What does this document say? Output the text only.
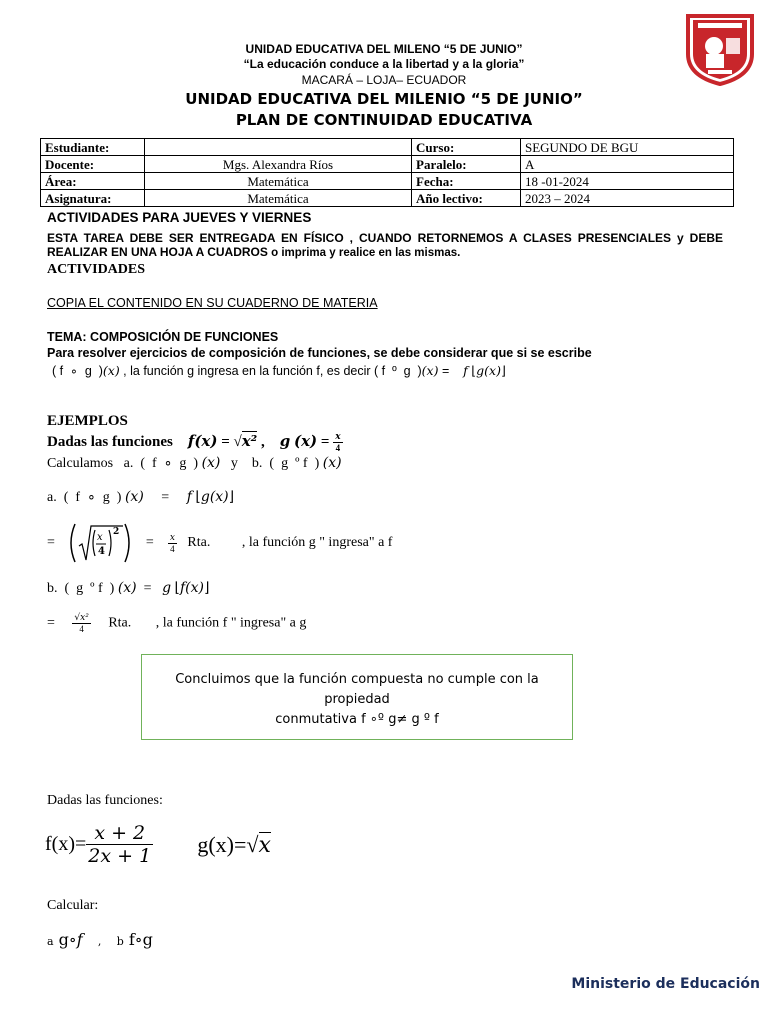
UNIDAD EDUCATIVA DEL MILENO “5 DE JUNIO”
“La educación conduce a la libertad y a la gloria”
MACARÁ – LOJA– ECUADOR
UNIDAD EDUCATIVA DEL MILENIO “5 DE JUNIO”
PLAN DE CONTINUIDAD EDUCATIVA
Estudiante:		Curso:	SEGUNDO DE BGU
Docente:	Mgs. Alexandra Ríos	Paralelo:	A
Área:	Matemática	Fecha:	18 -01-2024
Asignatura:	Matemática	Año lectivo:	2023 – 2024
ACTIVIDADES PARA JUEVES Y VIERNES
ESTA TAREA DEBE SER ENTREGADA EN FÍSICO , CUANDO RETORNEMOS A CLASES PRESENCIALES y DEBE REALIZAR EN UNA HOJA A CUADROS o imprima y realice en las mismas.
ACTIVIDADES
COPIA EL CONTENIDO EN SU CUADERNO DE MATERIA
TEMA: COMPOSICIÓN DE FUNCIONES
Para resolver ejercicios de composición de funciones, se debe considerar que si se escribe
( f  ∘  g  )(x) , la función g ingresa en la función f, es decir ( f  º  g  )(x) =    f ⌊g(x)⌋
EJEMPLOS
Dadas las funciones f(x) = √x² ,    g $(x) = \frac{x}{4}$
Calculamos   a.  (  f  ∘  g  ) (x)   y    b.  (  g  º f  ) (x)
a.  (  f  ∘  g  ) (x)     =     f ⌊g(x)⌋
=	x
4
2
= $\frac{x}{4}$ Rta. , la función g " ingresa" a f
b.  (  g  º f  ) (x)  =   g ⌊f(x)⌋
= $\frac{\text{√x²}}{4}$ Rta. , la función f " ingresa" a g
Concluimos que la función compuesta no cumple con la propiedad
conmutativa f ∘º g≠ g º f
Dadas las funciones:
$f(x)= \frac{x + 2}{2x + 1} g(x)=√x$
Calcular:
a g∘f , b f∘g
Ministerio de Educación
